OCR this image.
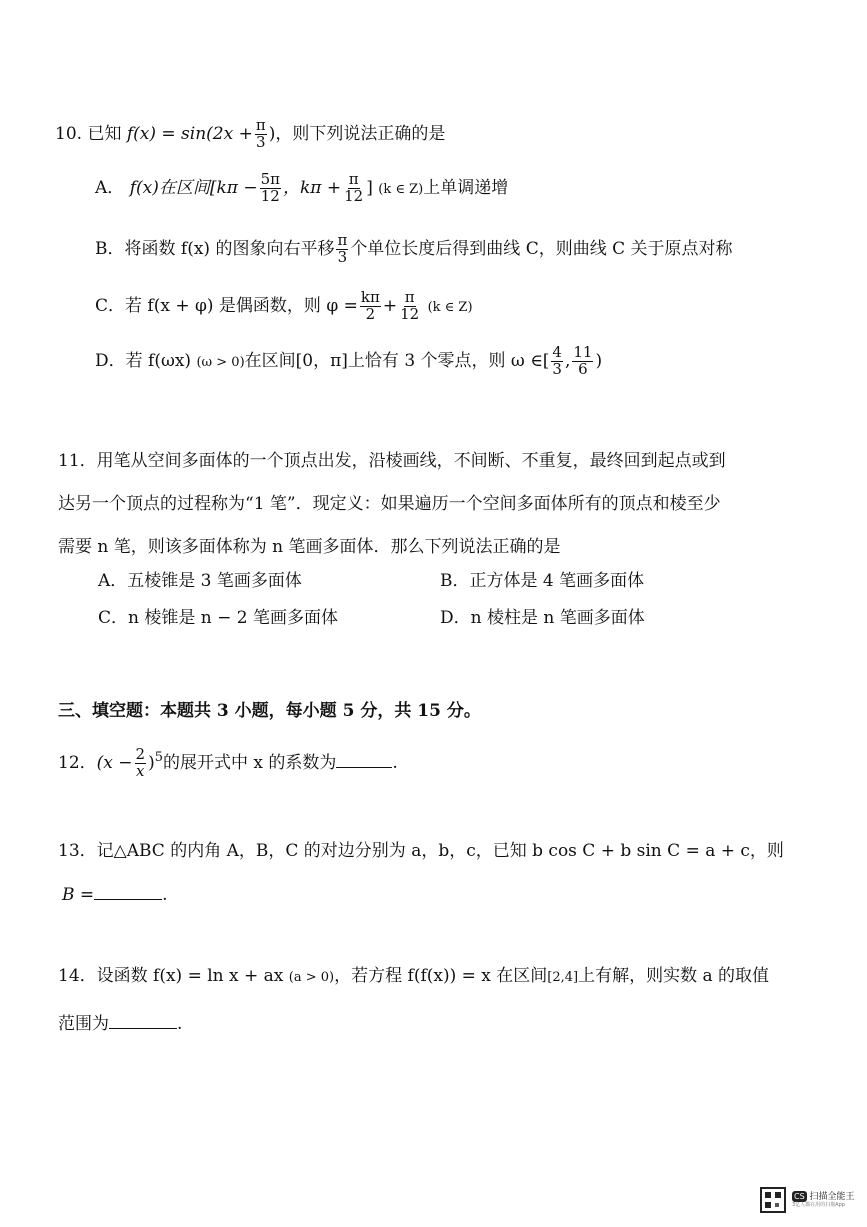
10. 已知 $f(x) = \sin(2x + \frac{\pi}{3}$ )，则下列说法正确的是
A． f(x)在区间[$k\pi - \frac{5\pi}{12}$ ，$k\pi + \frac{\pi}{12}$ ] (k ∈ Z)上单调递增
B．将函数 f(x) 的图象向右平移 $\frac{\pi}{3}$ 个单位长度后得到曲线 C，则曲线 C 关于原点对称
C．若 f(x + φ) 是偶函数，则 $\varphi = \frac{k\pi}{2} + \frac{\pi}{12} (k$ ∈ Z)
D．若 f(ωx) (ω > 0)在区间[0，π]上恰有 3 个零点，则 ω ∈[ $\frac{4}{3}$ , $\frac{11}{6}$ )
11．用笔从空间多面体的一个顶点出发，沿棱画线，不间断、不重复，最终回到起点或到
达另一个顶点的过程称为“1 笔”．现定义：如果遍历一个空间多面体所有的顶点和棱至少
需要 n 笔，则该多面体称为 n 笔画多面体．那么下列说法正确的是
A．五棱锥是 3 笔画多面体	B．正方体是 4 笔画多面体
C．n 棱锥是 n − 2 笔画多面体	D．n 棱柱是 n 笔画多面体
三、填空题：本题共 3 小题，每小题 5 分，共 15 分。
12．$(x - \frac{2}{x} )^5$的展开式中 x 的系数为	.
13．记△ABC 的内角 A，B，C 的对边分别为 a，b，c，已知 b cos C + b sin C = a + c，则
B =	.
14．设函数 f(x) = ln x + ax (a > 0)，若方程 f(f(x)) = x 在区间[2,4]上有解，则实数 a 的取值
范围为	.
CS 扫描全能王
3亿人都在用的扫描App
